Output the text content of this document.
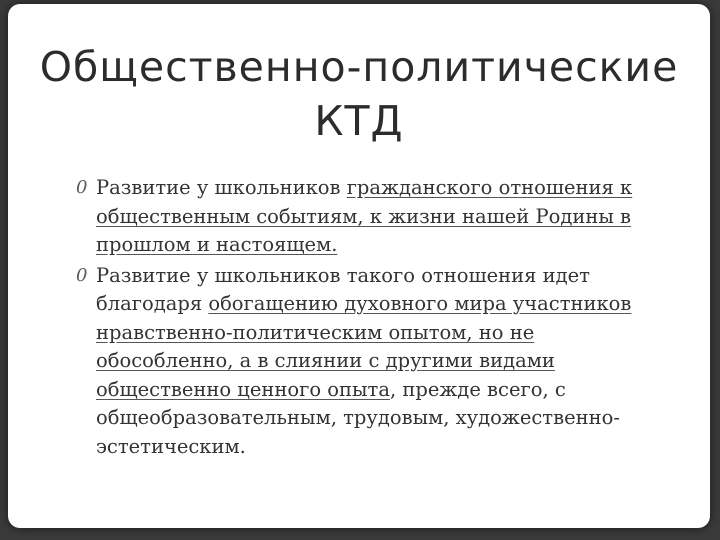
Общественно-политические
КТД
0 Развитие у школьников гражданского отношения к общественным событиям, к жизни нашей Родины в прошлом и настоящем.
0 Развитие у школьников такого отношения идет благодаря обогащению духовного мира участников нравственно-политическим опытом, но не обособленно, а в слиянии с другими видами общественно ценного опыта, прежде всего, с общеобразовательным, трудовым, художественно-эстетическим.
